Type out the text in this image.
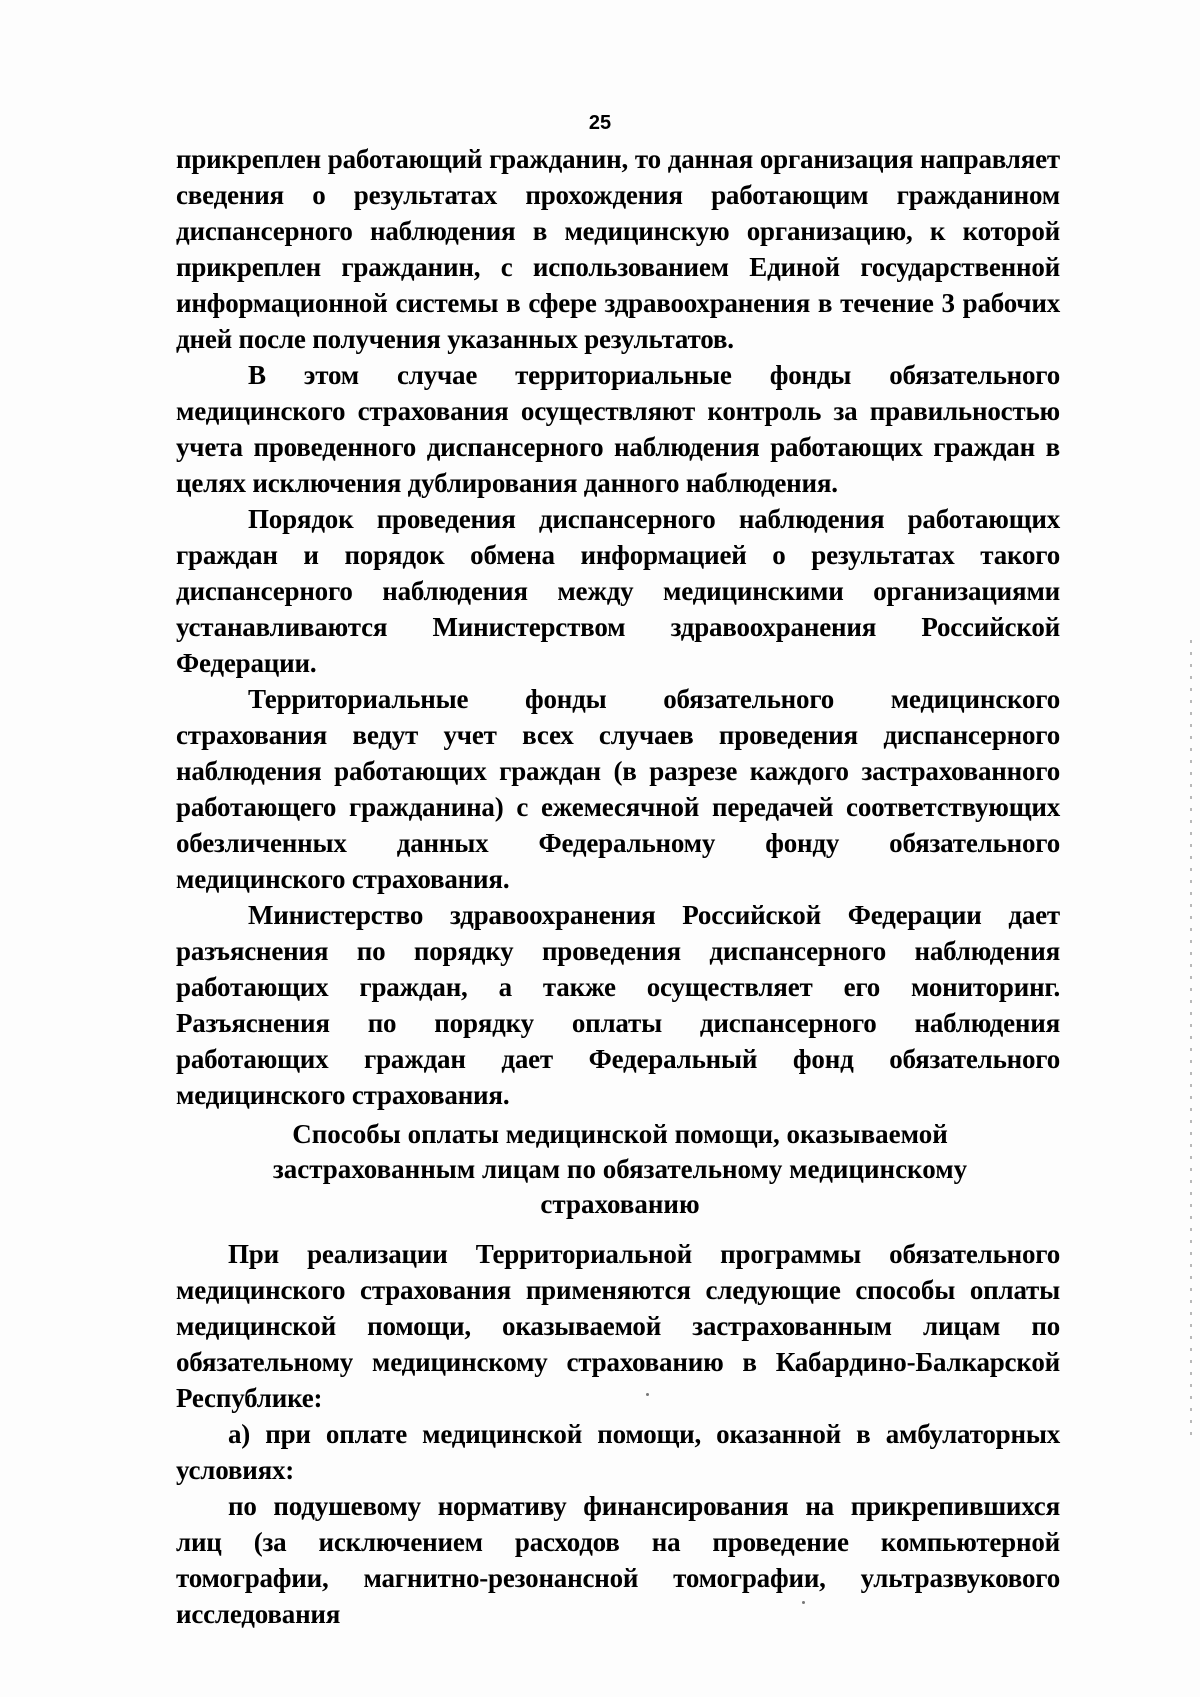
25

прикреплен работающий гражданин, то данная организация направляет сведения о результатах прохождения работающим гражданином диспансерного наблюдения в медицинскую организацию, к которой прикреплен гражданин, с использованием Единой государственной информационной системы в сфере здравоохранения в течение 3 рабочих дней после получения указанных результатов.

В этом случае территориальные фонды обязательного медицинского страхования осуществляют контроль за правильностью учета проведенного диспансерного наблюдения работающих граждан в целях исключения дублирования данного наблюдения.

Порядок проведения диспансерного наблюдения работающих граждан и порядок обмена информацией о результатах такого диспансерного наблюдения между медицинскими организациями устанавливаются Министерством здравоохранения Российской Федерации.

Территориальные фонды обязательного медицинского страхования ведут учет всех случаев проведения диспансерного наблюдения работающих граждан (в разрезе каждого застрахованного работающего гражданина) с ежемесячной передачей соответствующих обезличенных данных Федеральному фонду обязательного медицинского страхования.

Министерство здравоохранения Российской Федерации дает разъяснения по порядку проведения диспансерного наблюдения работающих граждан, а также осуществляет его мониторинг. Разъяснения по порядку оплаты диспансерного наблюдения работающих граждан дает Федеральный фонд обязательного медицинского страхования.

Способы оплаты медицинской помощи, оказываемой
застрахованным лицам по обязательному медицинскому
страхованию

При реализации Территориальной программы обязательного медицинского страхования применяются следующие способы оплаты медицинской помощи, оказываемой застрахованным лицам по обязательному медицинскому страхованию в Кабардино-Балкарской Республике:

а) при оплате медицинской помощи, оказанной в амбулаторных условиях:

по подушевому нормативу финансирования на прикрепившихся лиц (за исключением расходов на проведение компьютерной томографии, магнитно-резонансной томографии, ультразвукового исследования
